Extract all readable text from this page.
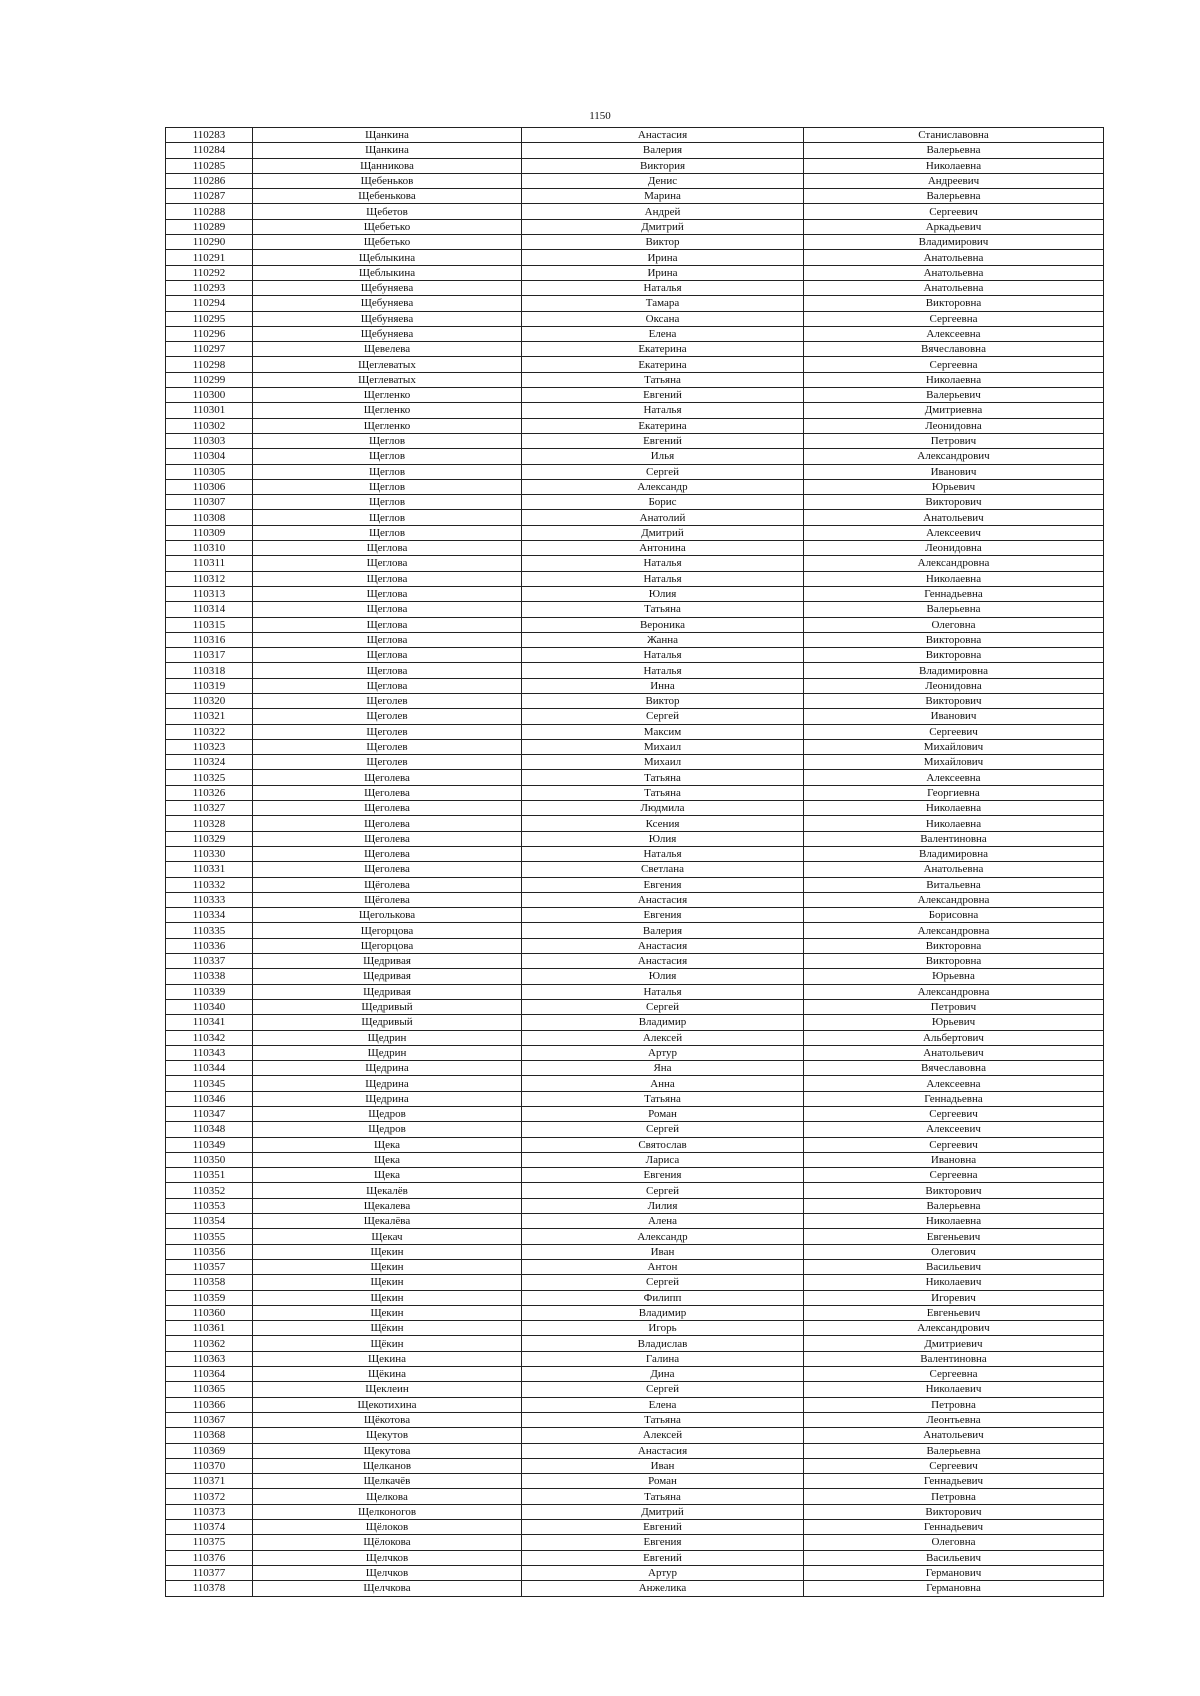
1150
110283	Щанкина	Анастасия	Станиславовна
110284	Щанкина	Валерия	Валерьевна
110285	Щанникова	Виктория	Николаевна
110286	Щебеньков	Денис	Андреевич
110287	Щебенькова	Марина	Валерьевна
110288	Щебетов	Андрей	Сергеевич
110289	Щебетько	Дмитрий	Аркадьевич
110290	Щебетько	Виктор	Владимирович
110291	Щеблыкина	Ирина	Анатольевна
110292	Щеблыкина	Ирина	Анатольевна
110293	Щебуняева	Наталья	Анатольевна
110294	Щебуняева	Тамара	Викторовна
110295	Щебуняева	Оксана	Сергеевна
110296	Щебуняева	Елена	Алексеевна
110297	Щевелева	Екатерина	Вячеславовна
110298	Щеглеватых	Екатерина	Сергеевна
110299	Щеглеватых	Татьяна	Николаевна
110300	Щегленко	Евгений	Валерьевич
110301	Щегленко	Наталья	Дмитриевна
110302	Щегленко	Екатерина	Леонидовна
110303	Щеглов	Евгений	Петрович
110304	Щеглов	Илья	Александрович
110305	Щеглов	Сергей	Иванович
110306	Щеглов	Александр	Юрьевич
110307	Щеглов	Борис	Викторович
110308	Щеглов	Анатолий	Анатольевич
110309	Щеглов	Дмитрий	Алексеевич
110310	Щеглова	Антонина	Леонидовна
110311	Щеглова	Наталья	Александровна
110312	Щеглова	Наталья	Николаевна
110313	Щеглова	Юлия	Геннадьевна
110314	Щеглова	Татьяна	Валерьевна
110315	Щеглова	Вероника	Олеговна
110316	Щеглова	Жанна	Викторовна
110317	Щеглова	Наталья	Викторовна
110318	Щеглова	Наталья	Владимировна
110319	Щеглова	Инна	Леонидовна
110320	Щеголев	Виктор	Викторович
110321	Щеголев	Сергей	Иванович
110322	Щеголев	Максим	Сергеевич
110323	Щеголев	Михаил	Михайлович
110324	Щеголев	Михаил	Михайлович
110325	Щеголева	Татьяна	Алексеевна
110326	Щеголева	Татьяна	Георгиевна
110327	Щеголева	Людмила	Николаевна
110328	Щеголева	Ксения	Николаевна
110329	Щеголева	Юлия	Валентиновна
110330	Щеголева	Наталья	Владимировна
110331	Щеголева	Светлана	Анатольевна
110332	Щёголева	Евгения	Витальевна
110333	Щёголева	Анастасия	Александровна
110334	Щеголькова	Евгения	Борисовна
110335	Щегорцова	Валерия	Александровна
110336	Щегорцова	Анастасия	Викторовна
110337	Щедривая	Анастасия	Викторовна
110338	Щедривая	Юлия	Юрьевна
110339	Щедривая	Наталья	Александровна
110340	Щедривый	Сергей	Петрович
110341	Щедривый	Владимир	Юрьевич
110342	Щедрин	Алексей	Альбертович
110343	Щедрин	Артур	Анатольевич
110344	Щедрина	Яна	Вячеславовна
110345	Щедрина	Анна	Алексеевна
110346	Щедрина	Татьяна	Геннадьевна
110347	Щедров	Роман	Сергеевич
110348	Щедров	Сергей	Алексеевич
110349	Щека	Святослав	Сергеевич
110350	Щека	Лариса	Ивановна
110351	Щека	Евгения	Сергеевна
110352	Щекалёв	Сергей	Викторович
110353	Щекалева	Лилия	Валерьевна
110354	Щекалёва	Алена	Николаевна
110355	Щекач	Александр	Евгеньевич
110356	Щекин	Иван	Олегович
110357	Щекин	Антон	Васильевич
110358	Щекин	Сергей	Николаевич
110359	Щекин	Филипп	Игоревич
110360	Щекин	Владимир	Евгеньевич
110361	Щёкин	Игорь	Александрович
110362	Щёкин	Владислав	Дмитриевич
110363	Щекина	Галина	Валентиновна
110364	Щёкина	Дина	Сергеевна
110365	Щеклеин	Сергей	Николаевич
110366	Щекотихина	Елена	Петровна
110367	Щёкотова	Татьяна	Леонтьевна
110368	Щекутов	Алексей	Анатольевич
110369	Щекутова	Анастасия	Валерьевна
110370	Щелканов	Иван	Сергеевич
110371	Щелкачёв	Роман	Геннадьевич
110372	Щелкова	Татьяна	Петровна
110373	Щелконогов	Дмитрий	Викторович
110374	Щёлоков	Евгений	Геннадьевич
110375	Щёлокова	Евгения	Олеговна
110376	Щелчков	Евгений	Васильевич
110377	Щелчков	Артур	Германович
110378	Щелчкова	Анжелика	Германовна
